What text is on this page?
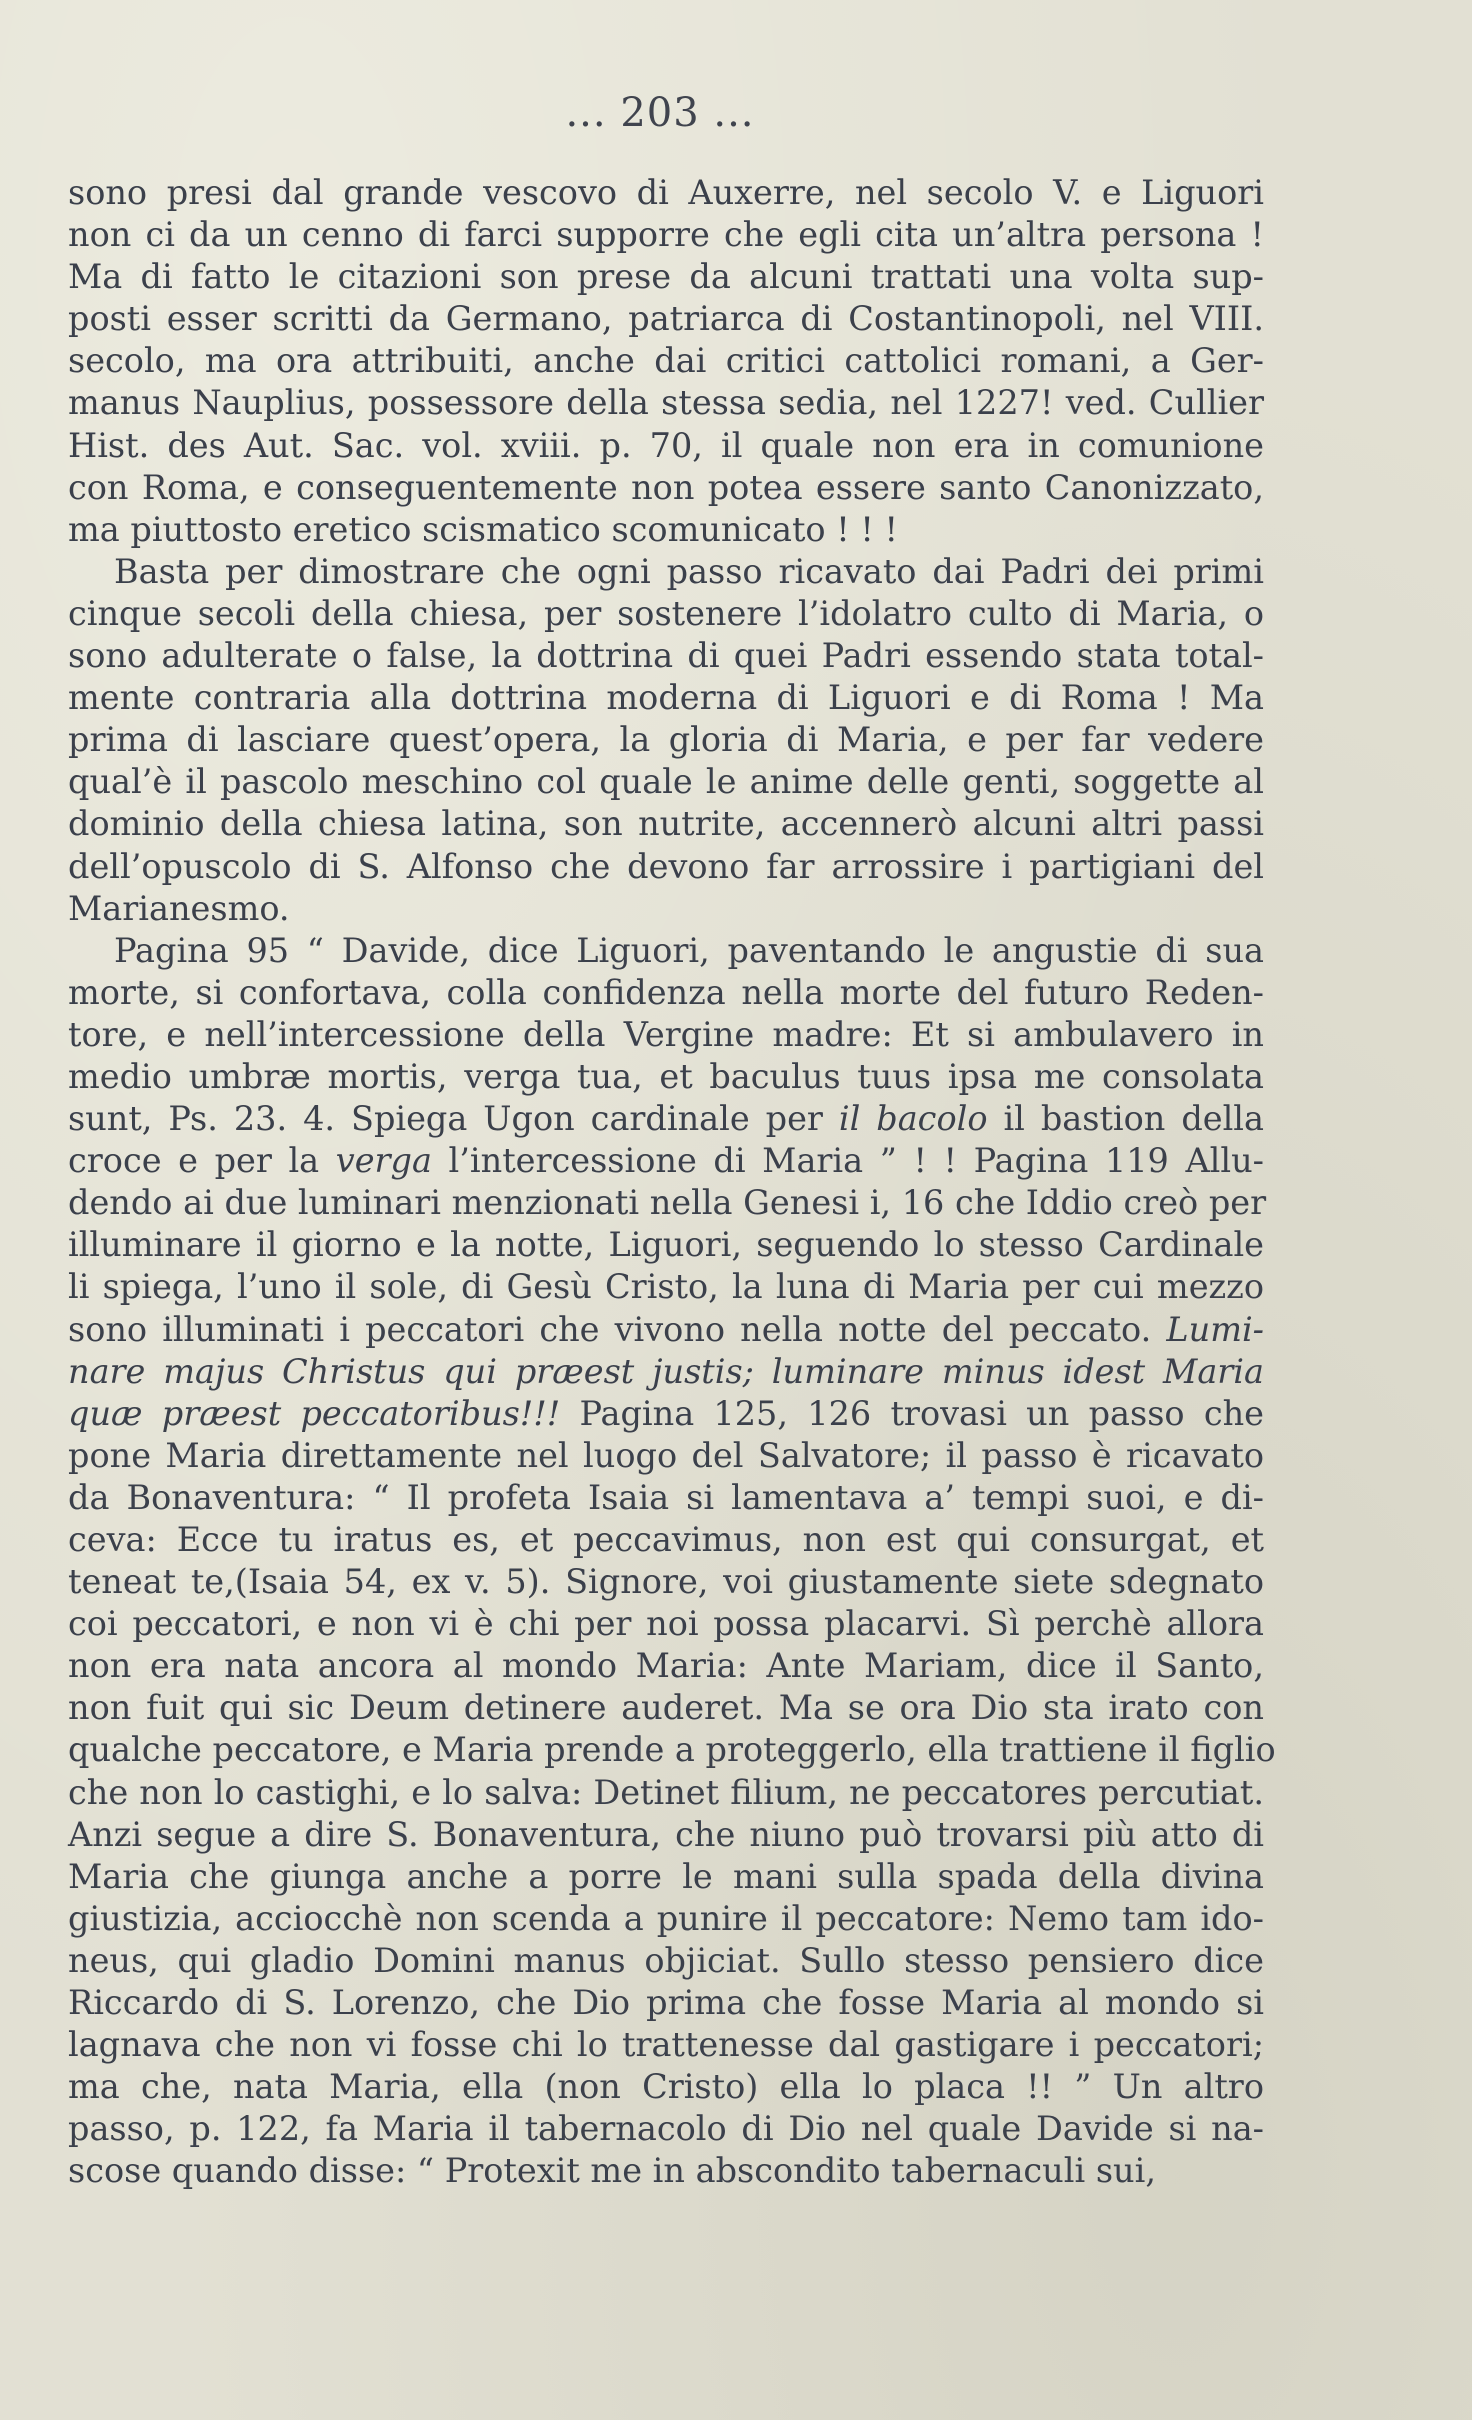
... 203 ...
sono presi dal grande vescovo di Auxerre, nel secolo V. e Liguori
non ci da un cenno di farci supporre che egli cita un’altra persona !
Ma di fatto le citazioni son prese da alcuni trattati una volta sup-
posti esser scritti da Germano, patriarca di Costantinopoli, nel VIII.
secolo, ma ora attribuiti, anche dai critici cattolici romani, a Ger-
manus Nauplius, possessore della stessa sedia, nel 1227! ved. Cullier
Hist. des Aut. Sac. vol. xviii. p. 70, il quale non era in comunione
con Roma, e conseguentemente non potea essere santo Canonizzato,
ma piuttosto eretico scismatico scomunicato ! ! !
Basta per dimostrare che ogni passo ricavato dai Padri dei primi
cinque secoli della chiesa, per sostenere l’idolatro culto di Maria, o
sono adulterate o false, la dottrina di quei Padri essendo stata total-
mente contraria alla dottrina moderna di Liguori e di Roma ! Ma
prima di lasciare quest’opera, la gloria di Maria, e per far vedere
qual’è il pascolo meschino col quale le anime delle genti, soggette al
dominio della chiesa latina, son nutrite, accennerò alcuni altri passi
dell’opuscolo di S. Alfonso che devono far arrossire i partigiani del
Marianesmo.
Pagina 95 “ Davide, dice Liguori, paventando le angustie di sua
morte, si confortava, colla confidenza nella morte del futuro Reden-
tore, e nell’intercessione della Vergine madre: Et si ambulavero in
medio umbræ mortis, verga tua, et baculus tuus ipsa me consolata
sunt, Ps. 23. 4. Spiega Ugon cardinale per il bacolo il bastion della
croce e per la verga l’intercessione di Maria ” ! ! Pagina 119 Allu-
dendo ai due luminari menzionati nella Genesi i, 16 che Iddio creò per
illuminare il giorno e la notte, Liguori, seguendo lo stesso Cardinale
li spiega, l’uno il sole, di Gesù Cristo, la luna di Maria per cui mezzo
sono illuminati i peccatori che vivono nella notte del peccato. Lumi-
nare majus Christus qui præest justis; luminare minus idest Maria
quæ præest peccatoribus!!! Pagina 125, 126 trovasi un passo che
pone Maria direttamente nel luogo del Salvatore; il passo è ricavato
da Bonaventura: “ Il profeta Isaia si lamentava a’ tempi suoi, e di-
ceva: Ecce tu iratus es, et peccavimus, non est qui consurgat, et
teneat te,(Isaia 54, ex v. 5). Signore, voi giustamente siete sdegnato
coi peccatori, e non vi è chi per noi possa placarvi. Sì perchè allora
non era nata ancora al mondo Maria: Ante Mariam, dice il Santo,
non fuit qui sic Deum detinere auderet. Ma se ora Dio sta irato con
qualche peccatore, e Maria prende a proteggerlo, ella trattiene il figlio
che non lo castighi, e lo salva: Detinet filium, ne peccatores percutiat.
Anzi segue a dire S. Bonaventura, che niuno può trovarsi più atto di
Maria che giunga anche a porre le mani sulla spada della divina
giustizia, acciocchè non scenda a punire il peccatore: Nemo tam ido-
neus, qui gladio Domini manus objiciat. Sullo stesso pensiero dice
Riccardo di S. Lorenzo, che Dio prima che fosse Maria al mondo si
lagnava che non vi fosse chi lo trattenesse dal gastigare i peccatori;
ma che, nata Maria, ella (non Cristo) ella lo placa !! ” Un altro
passo, p. 122, fa Maria il tabernacolo di Dio nel quale Davide si na-
scose quando disse: “ Protexit me in abscondito tabernaculi sui,
